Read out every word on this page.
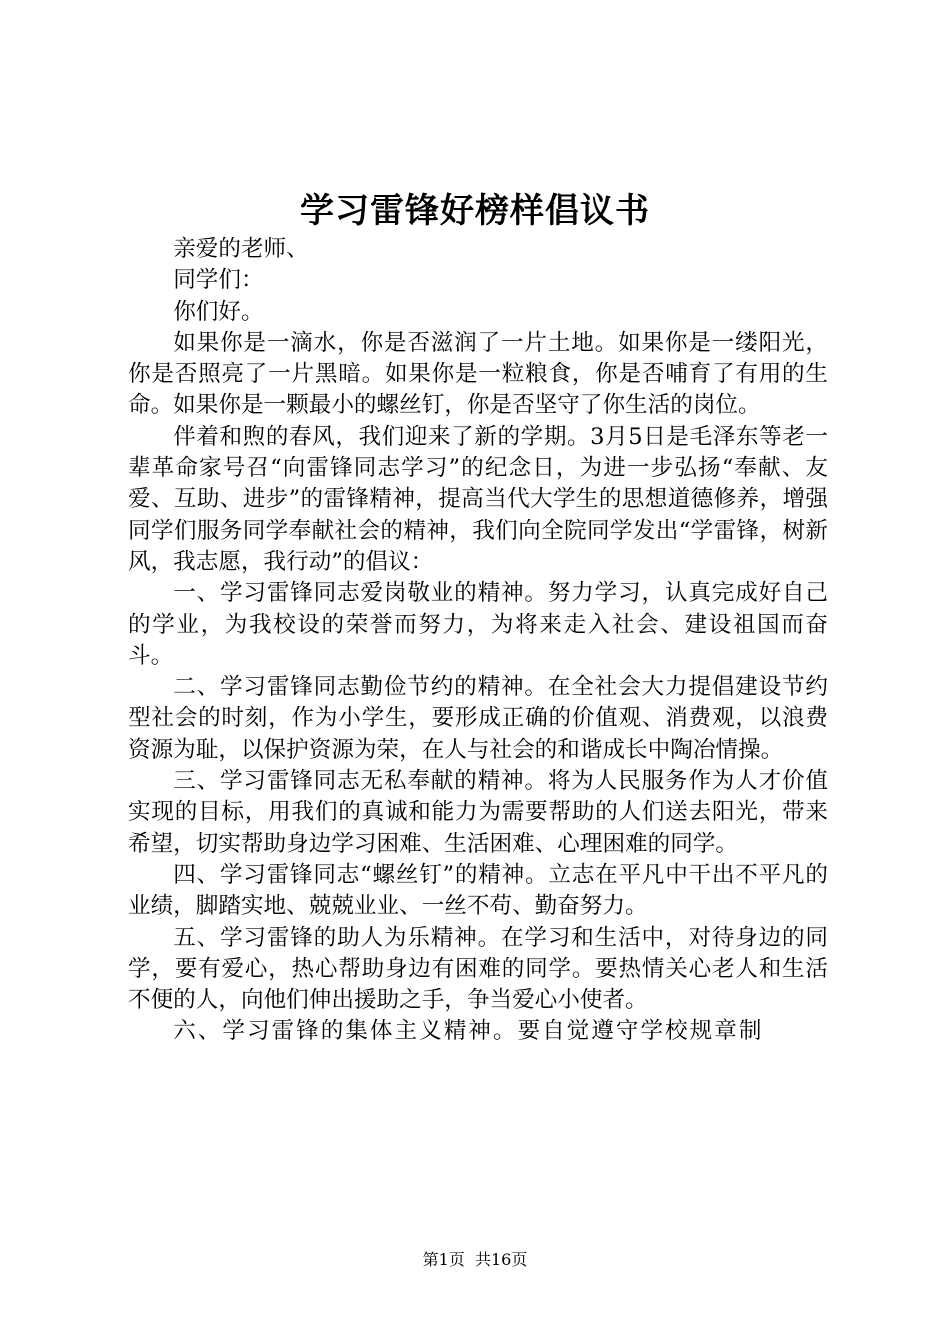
学习雷锋好榜样倡议书

亲爱的老师、

同学们：

你们好。

如果你是一滴水，你是否滋润了一片土地。如果你是一缕阳光，你是否照亮了一片黑暗。如果你是一粒粮食，你是否哺育了有用的生命。如果你是一颗最小的螺丝钉，你是否坚守了你生活的岗位。

伴着和煦的春风，我们迎来了新的学期。3月5日是毛泽东等老一辈革命家号召“向雷锋同志学习”的纪念日，为进一步弘扬“奉献、友爱、互助、进步”的雷锋精神，提高当代大学生的思想道德修养，增强同学们服务同学奉献社会的精神，我们向全院同学发出“学雷锋，树新风，我志愿，我行动”的倡议：

一、学习雷锋同志爱岗敬业的精神。努力学习，认真完成好自己的学业，为我校设的荣誉而努力，为将来走入社会、建设祖国而奋斗。

二、学习雷锋同志勤俭节约的精神。在全社会大力提倡建设节约型社会的时刻，作为小学生，要形成正确的价值观、消费观，以浪费资源为耻，以保护资源为荣，在人与社会的和谐成长中陶冶情操。

三、学习雷锋同志无私奉献的精神。将为人民服务作为人才价值实现的目标，用我们的真诚和能力为需要帮助的人们送去阳光，带来希望，切实帮助身边学习困难、生活困难、心理困难的同学。

四、学习雷锋同志“螺丝钉”的精神。立志在平凡中干出不平凡的业绩，脚踏实地、兢兢业业、一丝不苟、勤奋努力。

五、学习雷锋的助人为乐精神。在学习和生活中，对待身边的同学，要有爱心，热心帮助身边有困难的同学。要热情关心老人和生活不便的人，向他们伸出援助之手，争当爱心小使者。

六、学习雷锋的集体主义精神。要自觉遵守学校规章制

第1页  共16页
